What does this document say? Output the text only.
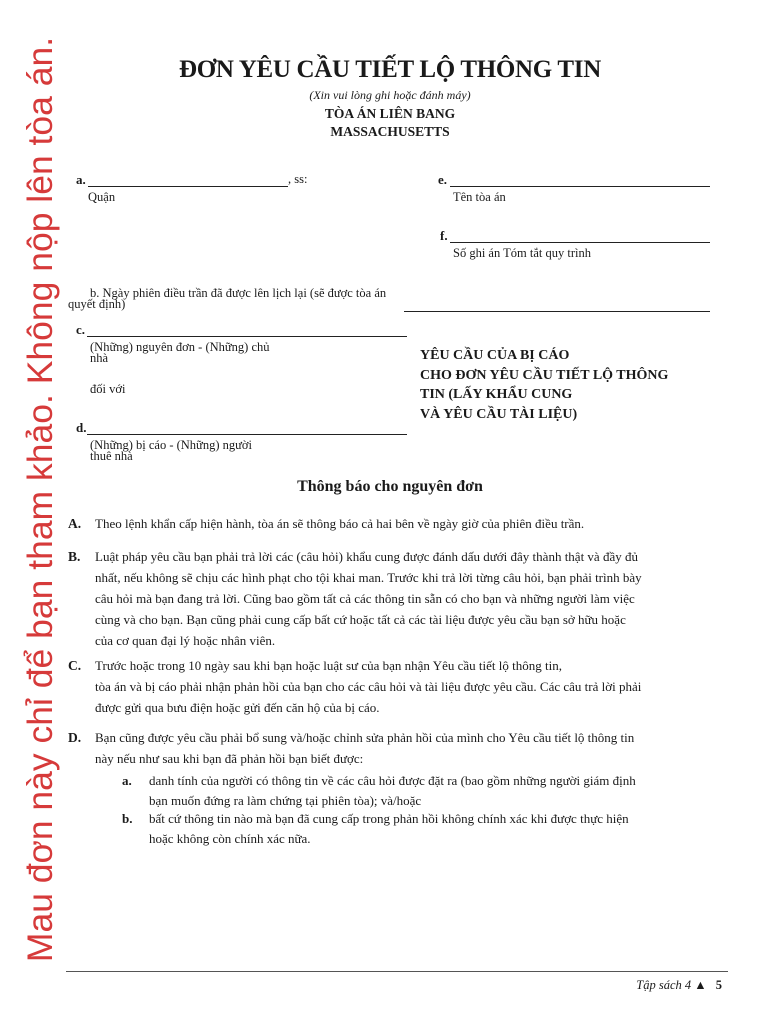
Mau đơn này chỉ để bạn tham khảo. Không nộp lên tòa án.	ĐƠN YÊU CẦU TIẾT LỘ THÔNG TIN
(Xin vui lòng ghi hoặc đánh máy)
TÒA ÁN LIÊN BANG
MASSACHUSETTS
a.	, ss:
Quận
e.
Tên tòa án
f.
Số ghi án Tóm tắt quy trình
b. Ngày phiên điều trần đã được lên lịch lại (sẽ được tòa án
quyết định)
c.
(Những) nguyên đơn - (Những) chủ
nhà
đối với
d.
(Những) bị cáo - (Những) người
thuê nhà
YÊU CẦU CỦA BỊ CÁO
CHO ĐƠN YÊU CẦU TIẾT LỘ THÔNG
TIN (LẤY KHẨU CUNG
VÀ YÊU CẦU TÀI LIỆU)
Thông báo cho nguyên đơn
A. Theo lệnh khẩn cấp hiện hành, tòa án sẽ thông báo cả hai bên về ngày giờ của phiên điều trần.
B. Luật pháp yêu cầu bạn phải trả lời các (câu hỏi) khẩu cung được đánh dấu dưới đây thành thật và đầy đủ
nhất, nếu không sẽ chịu các hình phạt cho tội khai man. Trước khi trả lời từng câu hỏi, bạn phải trình bày
câu hỏi mà bạn đang trả lời. Cũng bao gồm tất cả các thông tin sẵn có cho bạn và những người làm việc
cùng và cho bạn. Bạn cũng phải cung cấp bất cứ hoặc tất cả các tài liệu được yêu cầu bạn sở hữu hoặc
của cơ quan đại lý hoặc nhân viên.
C. Trước hoặc trong 10 ngày sau khi bạn hoặc luật sư của bạn nhận Yêu cầu tiết lộ thông tin,
tòa án và bị cáo phải nhận phản hồi của bạn cho các câu hỏi và tài liệu được yêu cầu. Các câu trả lời phải
được gửi qua bưu điện hoặc gửi đến căn hộ của bị cáo.
D. Bạn cũng được yêu cầu phải bổ sung và/hoặc chỉnh sửa phản hồi của mình cho Yêu cầu tiết lộ thông tin
này nếu như sau khi bạn đã phản hồi bạn biết được:
a. danh tính của người có thông tin về các câu hỏi được đặt ra (bao gồm những người giám định
bạn muốn đứng ra làm chứng tại phiên tòa); và/hoặc
b. bất cứ thông tin nào mà bạn đã cung cấp trong phản hồi không chính xác khi được thực hiện
hoặc không còn chính xác nữa.
Tập sách 4 ▲ 5
